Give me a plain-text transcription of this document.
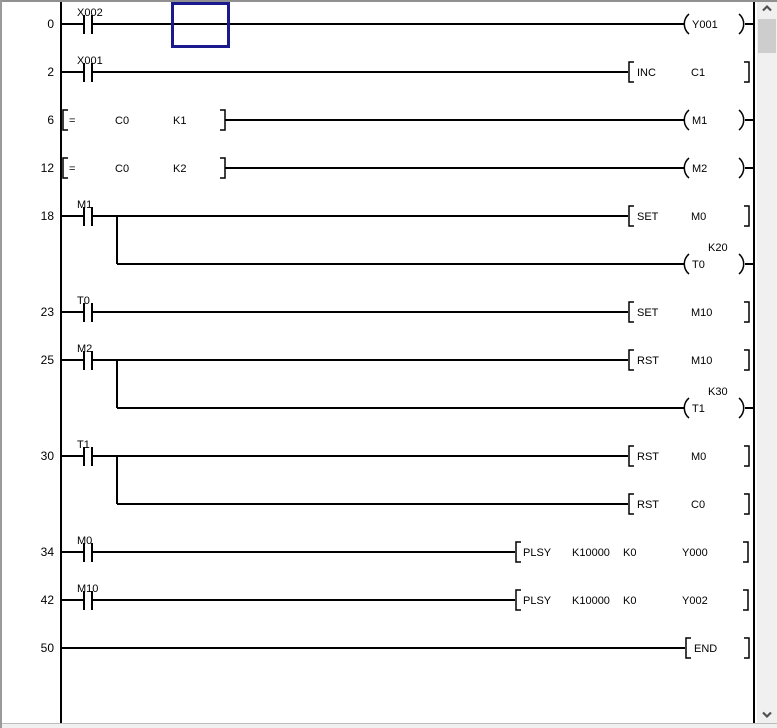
0
X002
Y001
2
X001
INC	C1
6 =	C0	K1	M1
12 =	C0	K2	M2
18
M1
SET	M0
T0
K20
23
T0
SET	M10
25
M2
RST	M10
T1
K30
30
T1
RST	M0
RST	C0
34
M0
PLSY K10000 K0	Y000
42
M10
PLSY K10000 K0	Y002
50	END
